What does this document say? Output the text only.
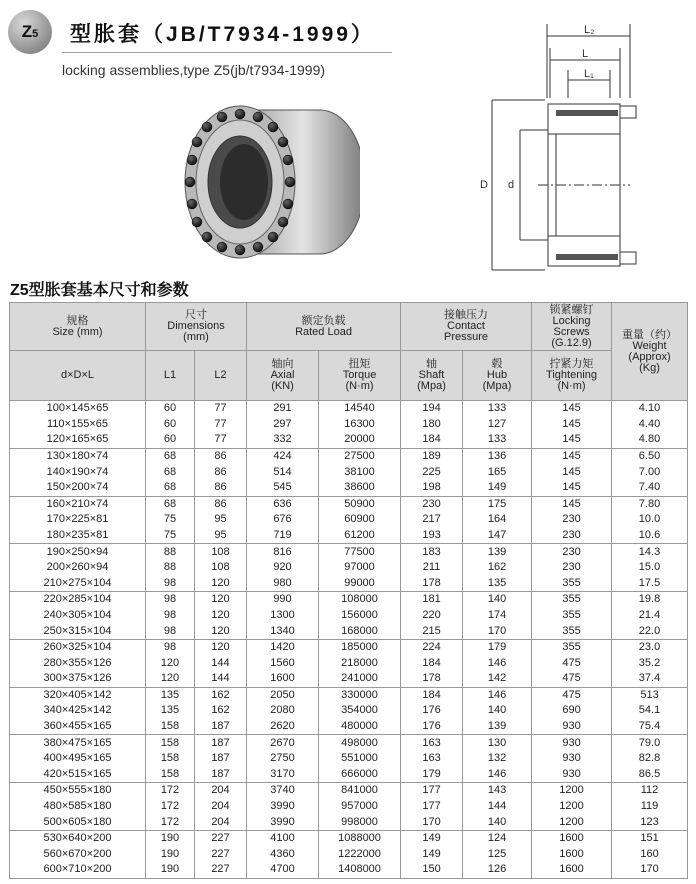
Z5 型胀套（JB/T7934-1999）
locking assemblies,type Z5(jb/t7934-1999)
L₂
L
L₁
D d
Z5型胀套基本尺寸和参数
规格
Size (mm)	尺寸
Dimensions
(mm)		额定负载
Rated Load		接触压力
Contact
Pressure		锁紧螺钉
Locking
Screws
(G.12.9)	重量（约）
Weight
(Approx)
(Kg)

d×D×L	L1	L2	轴向
Axial
(KN)	扭矩
Torque
(N·m)	轴
Shaft
(Mpa)	毂
Hub
(Mpa)	拧紧力矩
Tightening
(N·m)	

100×145×65	60	77	291	14540	194	133	145	4.10
110×155×65	60	77	297	16300	180	127	145	4.40
120×165×65	60	77	332	20000	184	133	145	4.80
130×180×74	68	86	424	27500	189	136	145	6.50
140×190×74	68	86	514	38100	225	165	145	7.00
150×200×74	68	86	545	38600	198	149	145	7.40
160×210×74	68	86	636	50900	230	175	145	7.80
170×225×81	75	95	676	60900	217	164	230	10.0
180×235×81	75	95	719	61200	193	147	230	10.6
190×250×94	88	108	816	77500	183	139	230	14.3
200×260×94	88	108	920	97000	211	162	230	15.0
210×275×104	98	120	980	99000	178	135	355	17.5
220×285×104	98	120	990	108000	181	140	355	19.8
240×305×104	98	120	1300	156000	220	174	355	21.4
250×315×104	98	120	1340	168000	215	170	355	22.0
260×325×104	98	120	1420	185000	224	179	355	23.0
280×355×126	120	144	1560	218000	184	146	475	35.2
300×375×126	120	144	1600	241000	178	142	475	37.4
320×405×142	135	162	2050	330000	184	146	475	513
340×425×142	135	162	2080	354000	176	140	690	54.1
360×455×165	158	187	2620	480000	176	139	930	75.4
380×475×165	158	187	2670	498000	163	130	930	79.0
400×495×165	158	187	2750	551000	163	132	930	82.8
420×515×165	158	187	3170	666000	179	146	930	86.5
450×555×180	172	204	3740	841000	177	143	1200	112
480×585×180	172	204	3990	957000	177	144	1200	119
500×605×180	172	204	3990	998000	170	140	1200	123
530×640×200	190	227	4100	1088000	149	124	1600	151
560×670×200	190	227	4360	1222000	149	125	1600	160
600×710×200	190	227	4700	1408000	150	126	1600	170
